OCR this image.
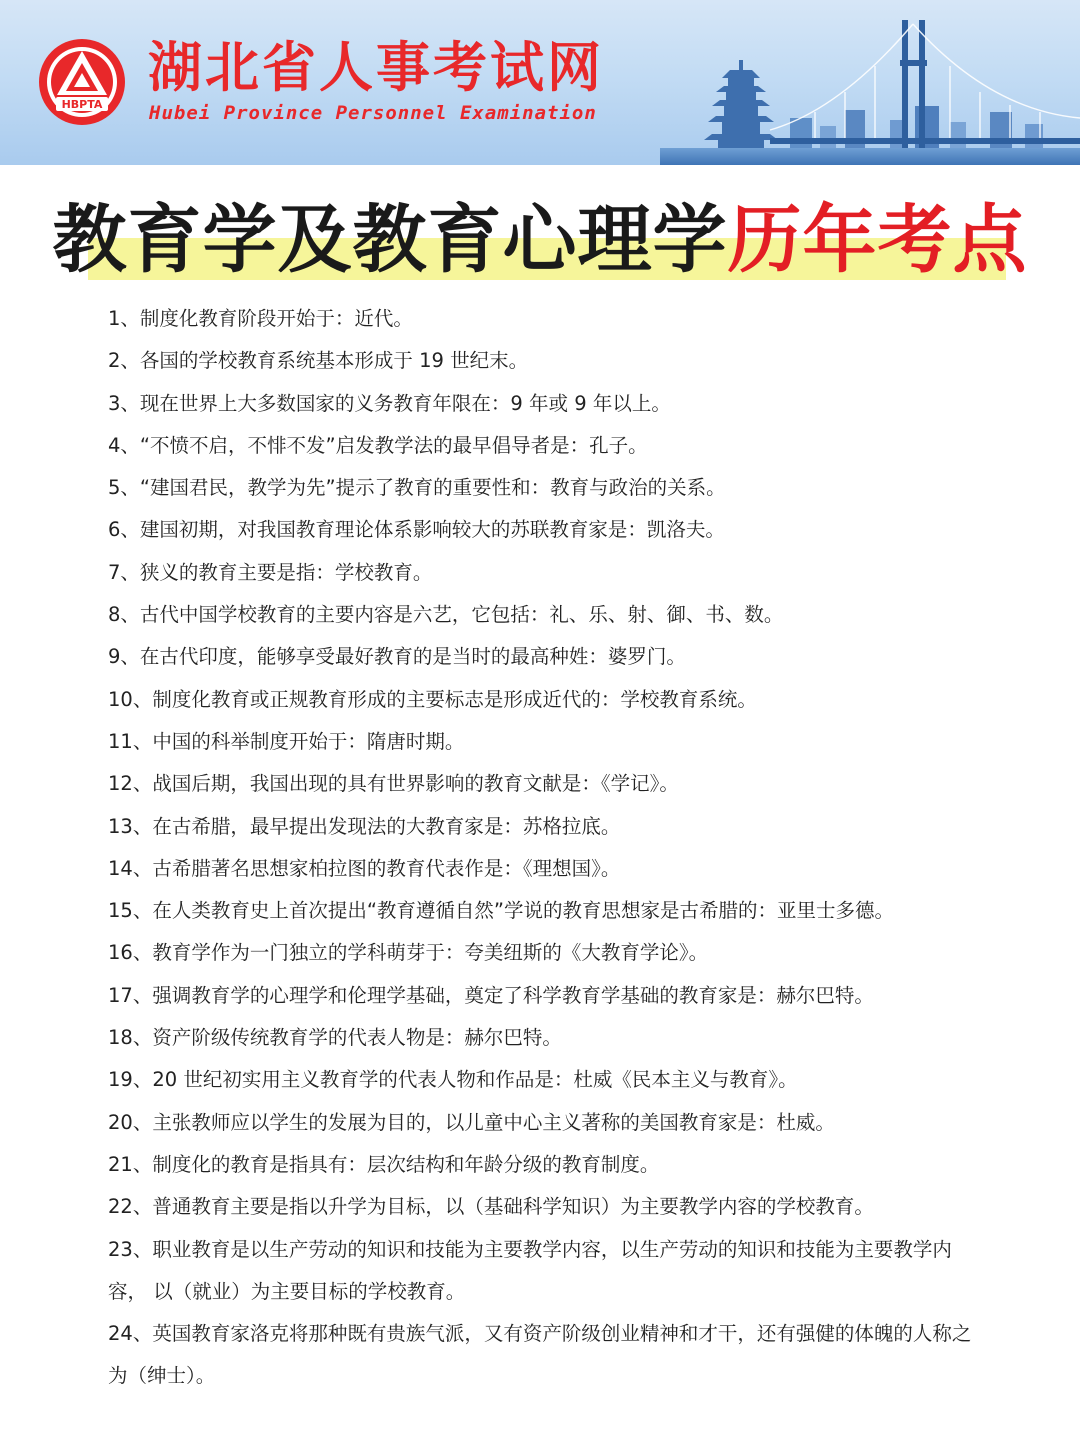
HBPTA
湖北省人事考试网
Hubei Province Personnel Examination
教育学及教育心理学历年考点
1、制度化教育阶段开始于：近代。
2、各国的学校教育系统基本形成于 19 世纪末。
3、现在世界上大多数国家的义务教育年限在：9 年或 9 年以上。
4、“不愤不启，不悱不发”启发教学法的最早倡导者是：孔子。
5、“建国君民，教学为先”提示了教育的重要性和：教育与政治的关系。
6、建国初期，对我国教育理论体系影响较大的苏联教育家是：凯洛夫。
7、狭义的教育主要是指：学校教育。
8、古代中国学校教育的主要内容是六艺，它包括：礼、乐、射、御、书、数。
9、在古代印度，能够享受最好教育的是当时的最高种姓：婆罗门。
10、制度化教育或正规教育形成的主要标志是形成近代的：学校教育系统。
11、中国的科举制度开始于：隋唐时期。
12、战国后期，我国出现的具有世界影响的教育文献是：《学记》。
13、在古希腊，最早提出发现法的大教育家是：苏格拉底。
14、古希腊著名思想家柏拉图的教育代表作是：《理想国》。
15、在人类教育史上首次提出“教育遵循自然”学说的教育思想家是古希腊的：亚里士多德。
16、教育学作为一门独立的学科萌芽于：夸美纽斯的《大教育学论》。
17、强调教育学的心理学和伦理学基础，奠定了科学教育学基础的教育家是：赫尔巴特。
18、资产阶级传统教育学的代表人物是：赫尔巴特。
19、20 世纪初实用主义教育学的代表人物和作品是：杜威《民本主义与教育》。
20、主张教师应以学生的发展为目的，以儿童中心主义著称的美国教育家是：杜威。
21、制度化的教育是指具有：层次结构和年龄分级的教育制度。
22、普通教育主要是指以升学为目标，以（基础科学知识）为主要教学内容的学校教育。
23、职业教育是以生产劳动的知识和技能为主要教学内容，以生产劳动的知识和技能为主要教学内容， 以（就业）为主要目标的学校教育。
24、英国教育家洛克将那种既有贵族气派，又有资产阶级创业精神和才干，还有强健的体魄的人称之为（绅士）。
